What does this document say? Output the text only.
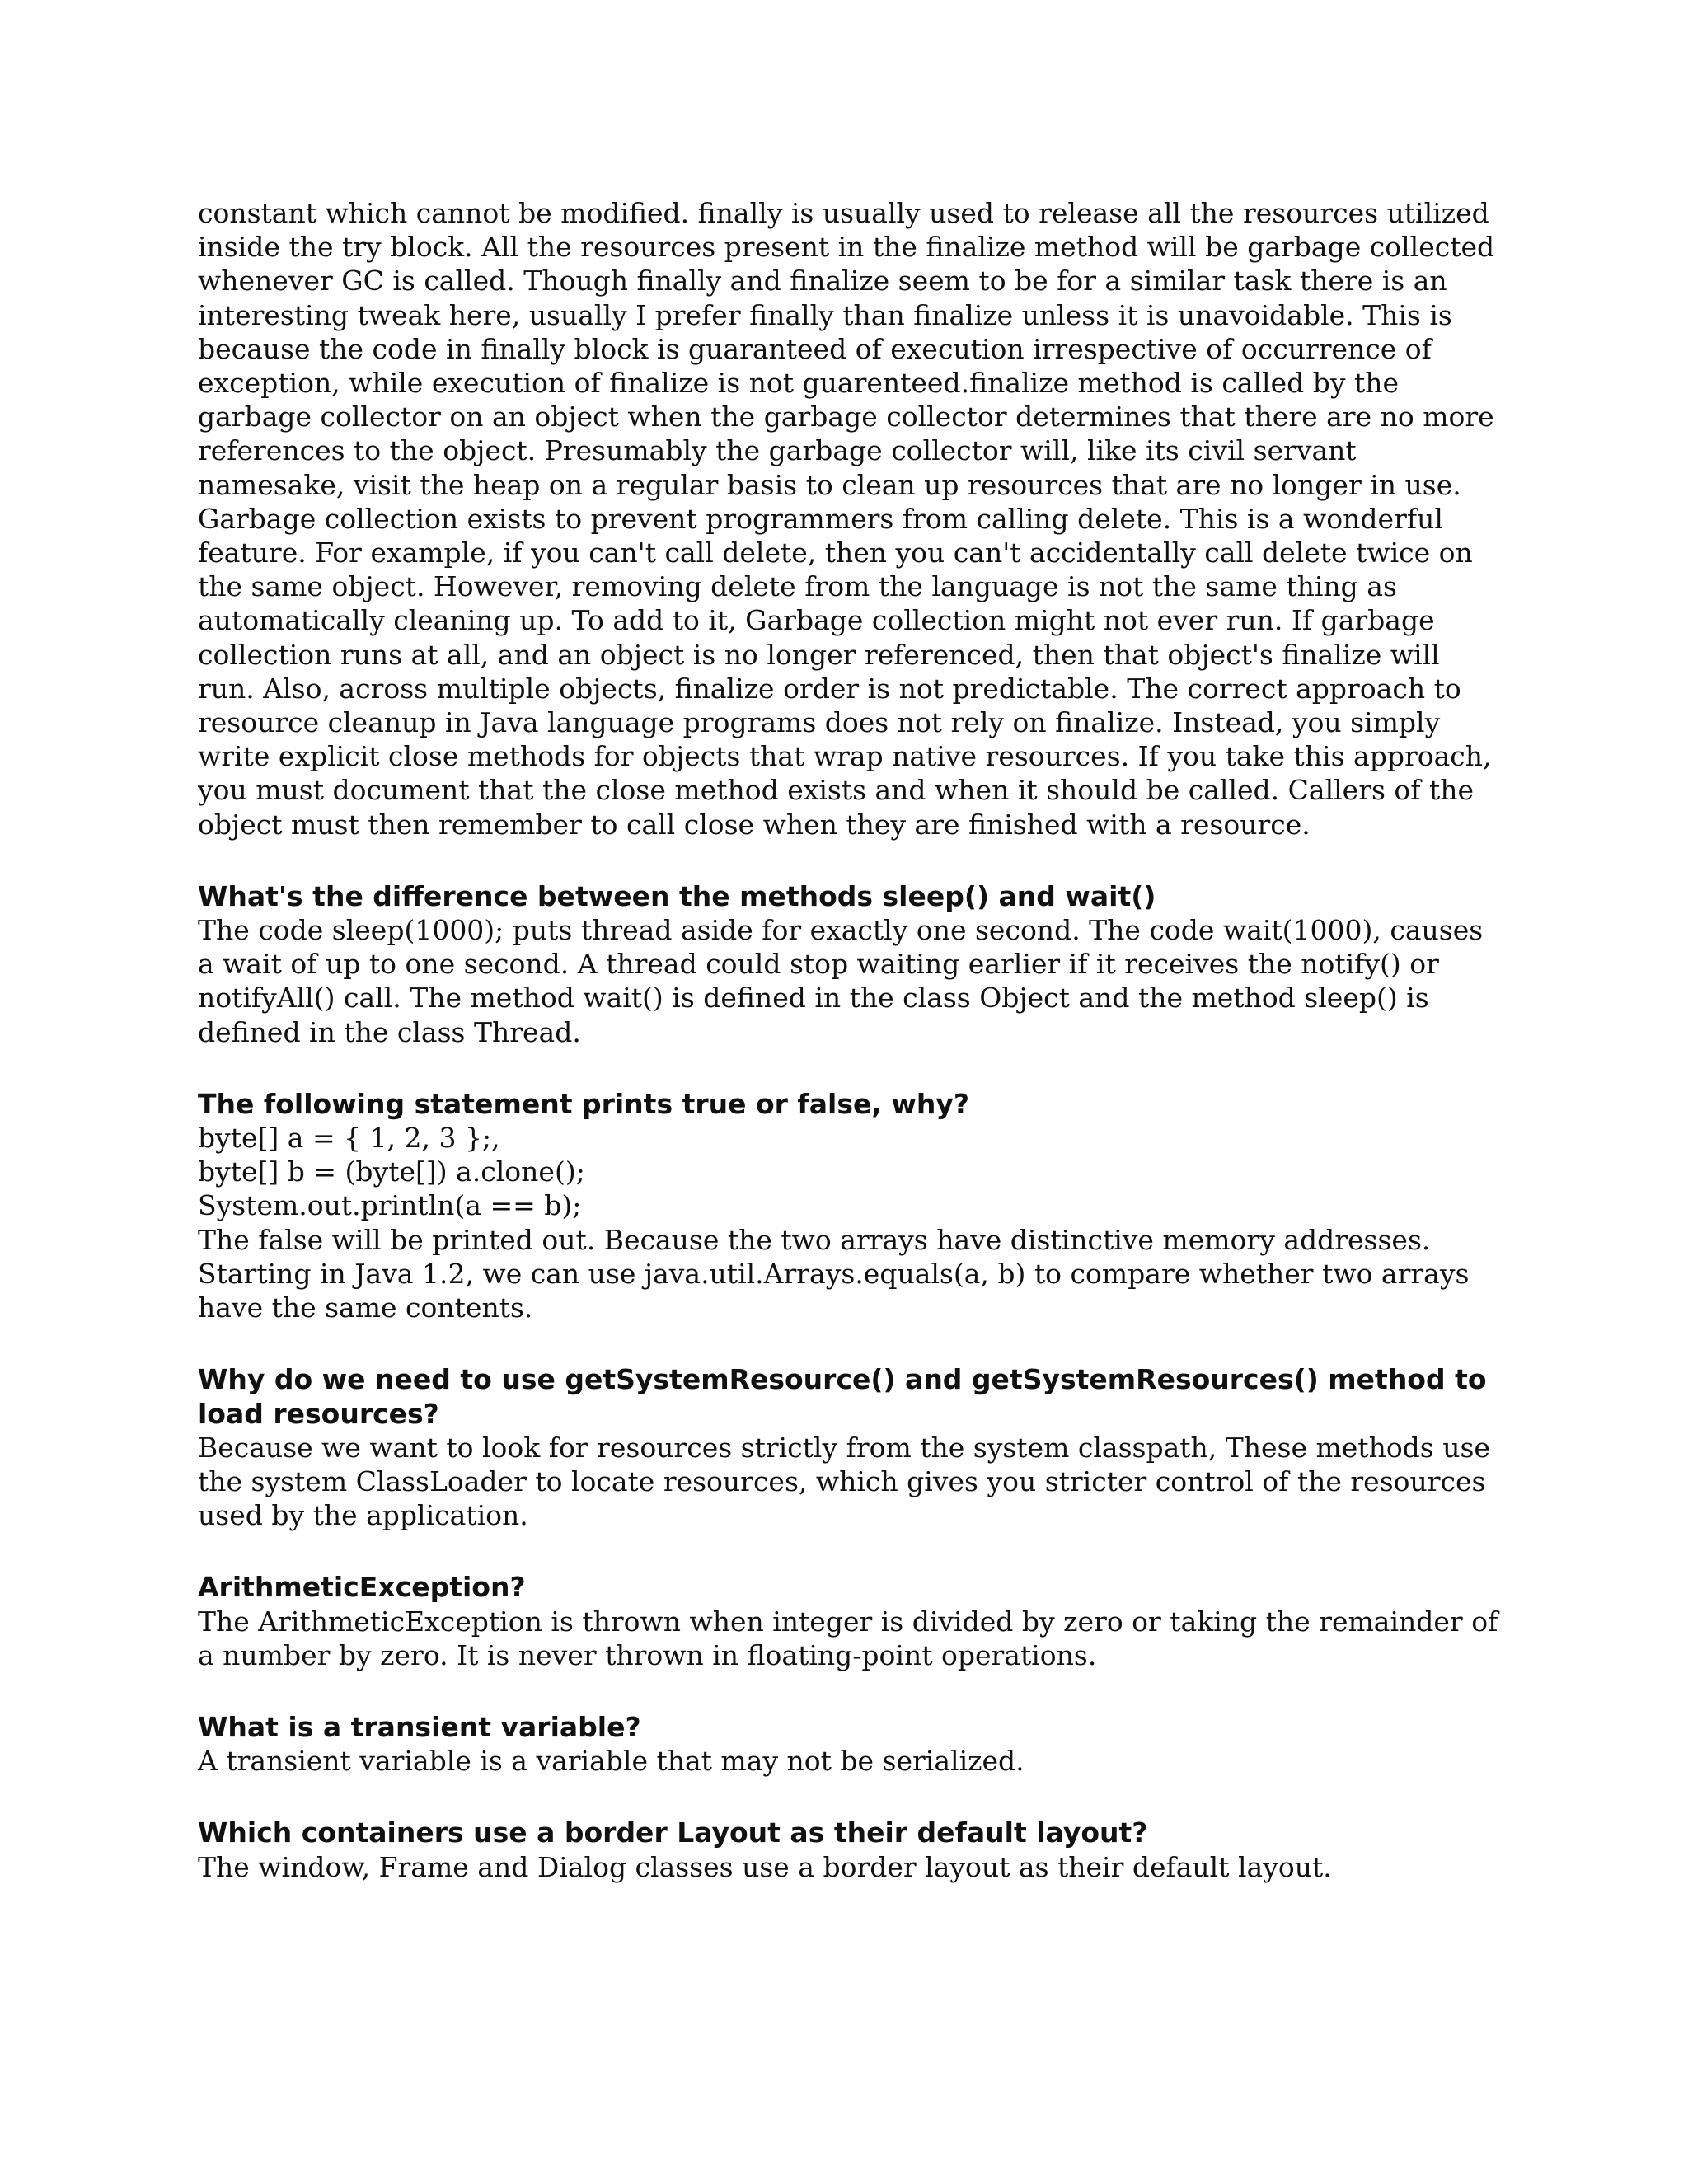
constant which cannot be modified. finally is usually used to release all the resources utilized inside the try block. All the resources present in the finalize method will be garbage collected whenever GC is called. Though finally and finalize seem to be for a similar task there is an interesting tweak here, usually I prefer finally than finalize unless it is unavoidable. This is because the code in finally block is guaranteed of execution irrespective of occurrence of exception, while execution of finalize is not guarenteed.finalize method is called by the garbage collector on an object when the garbage collector determines that there are no more references to the object. Presumably the garbage collector will, like its civil servant namesake, visit the heap on a regular basis to clean up resources that are no longer in use. Garbage collection exists to prevent programmers from calling delete. This is a wonderful feature. For example, if you can't call delete, then you can't accidentally call delete twice on the same object. However, removing delete from the language is not the same thing as automatically cleaning up. To add to it, Garbage collection might not ever run. If garbage collection runs at all, and an object is no longer referenced, then that object's finalize will run. Also, across multiple objects, finalize order is not predictable. The correct approach to resource cleanup in Java language programs does not rely on finalize. Instead, you simply write explicit close methods for objects that wrap native resources. If you take this approach, you must document that the close method exists and when it should be called. Callers of the object must then remember to call close when they are finished with a resource.

What's the difference between the methods sleep() and wait()

The code sleep(1000); puts thread aside for exactly one second. The code wait(1000), causes a wait of up to one second. A thread could stop waiting earlier if it receives the notify() or notifyAll() call. The method wait() is defined in the class Object and the method sleep() is defined in the class Thread.

The following statement prints true or false, why?

byte[] a = { 1, 2, 3 };,

byte[] b = (byte[]) a.clone();

System.out.println(a == b);

The false will be printed out. Because the two arrays have distinctive memory addresses. Starting in Java 1.2, we can use java.util.Arrays.equals(a, b) to compare whether two arrays have the same contents.

Why do we need to use getSystemResource() and getSystemResources() method to load resources?

Because we want to look for resources strictly from the system classpath, These methods use the system ClassLoader to locate resources, which gives you stricter control of the resources used by the application.

ArithmeticException?

The ArithmeticException is thrown when integer is divided by zero or taking the remainder of a number by zero. It is never thrown in floating-point operations.

What is a transient variable?

A transient variable is a variable that may not be serialized.

Which containers use a border Layout as their default layout?

The window, Frame and Dialog classes use a border layout as their default layout.
